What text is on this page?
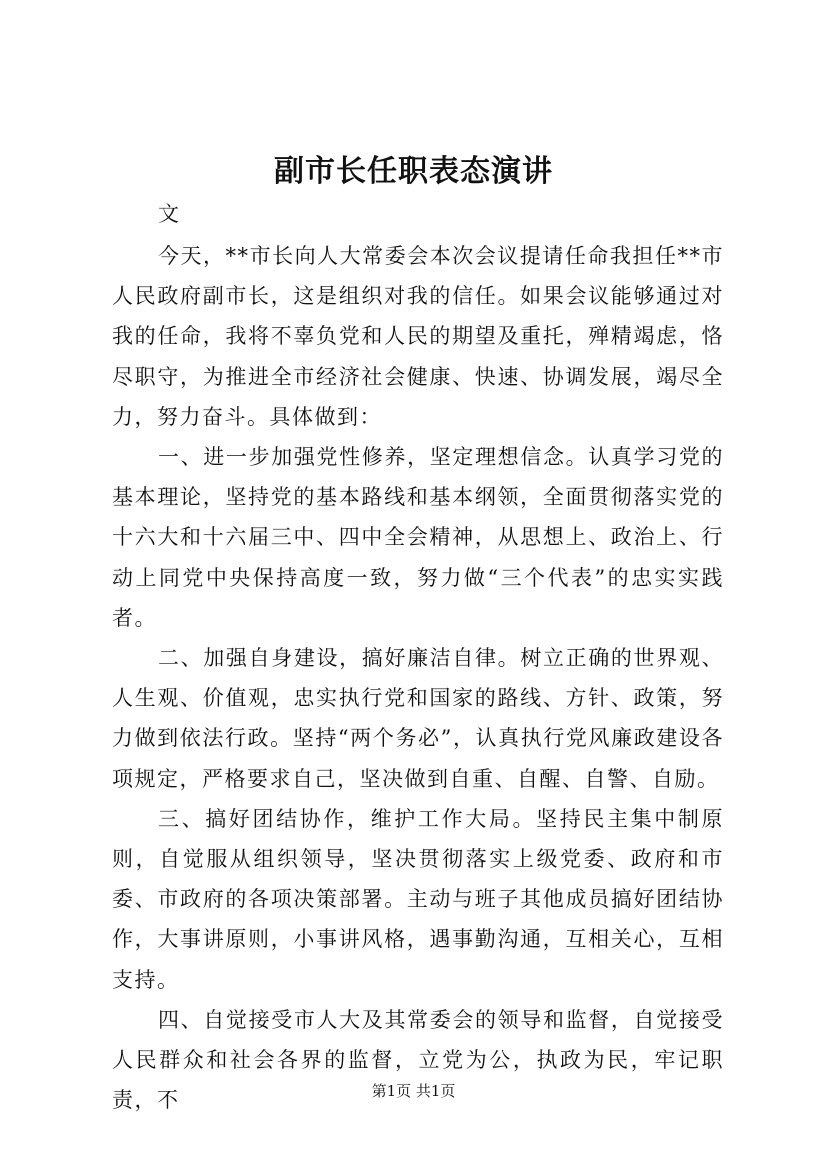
副市长任职表态演讲

文

今天，**市长向人大常委会本次会议提请任命我担任**市人民政府副市长，这是组织对我的信任。如果会议能够通过对我的任命，我将不辜负党和人民的期望及重托，殚精竭虑，恪尽职守，为推进全市经济社会健康、快速、协调发展，竭尽全力，努力奋斗。具体做到：

一、进一步加强党性修养，坚定理想信念。认真学习党的基本理论，坚持党的基本路线和基本纲领，全面贯彻落实党的十六大和十六届三中、四中全会精神，从思想上、政治上、行动上同党中央保持高度一致，努力做“三个代表”的忠实实践者。

二、加强自身建设，搞好廉洁自律。树立正确的世界观、人生观、价值观，忠实执行党和国家的路线、方针、政策，努力做到依法行政。坚持“两个务必”，认真执行党风廉政建设各项规定，严格要求自己，坚决做到自重、自醒、自警、自励。

三、搞好团结协作，维护工作大局。坚持民主集中制原则，自觉服从组织领导，坚决贯彻落实上级党委、政府和市委、市政府的各项决策部署。主动与班子其他成员搞好团结协作，大事讲原则，小事讲风格，遇事勤沟通，互相关心，互相支持。

四、自觉接受市人大及其常委会的领导和监督，自觉接受人民群众和社会各界的监督，立党为公，执政为民，牢记职责，不	第1页 共1页
